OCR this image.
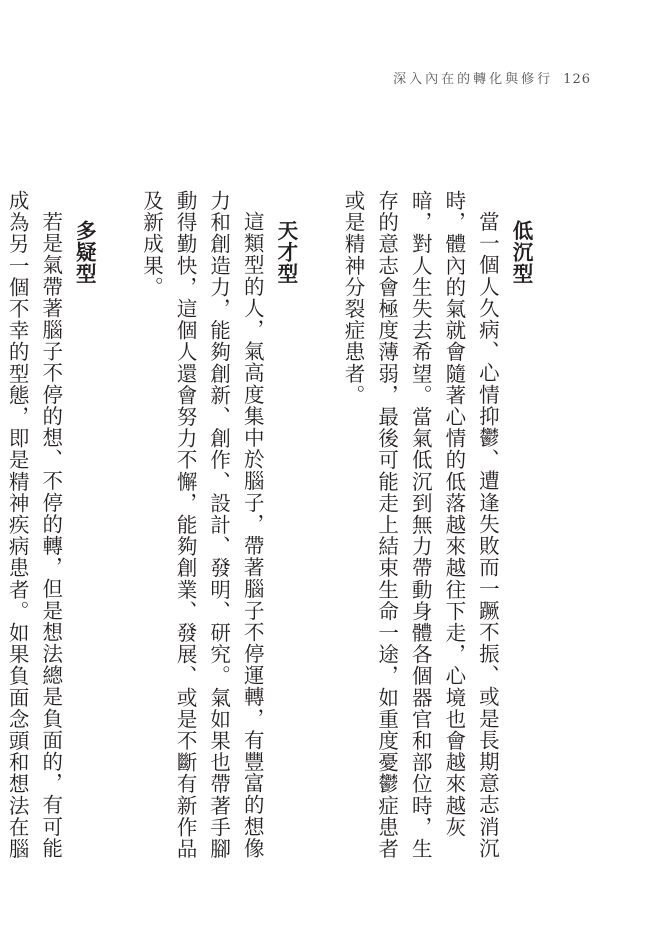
深入內在的轉化與修行 126

低沉型

當一個人久病、心情抑鬱、遭逢失敗而一蹶不振、或是長期意志消沉時，體內的氣就會隨著心情的低落越來越往下走，心境也會越來越灰暗，對人生失去希望。當氣低沉到無力帶動身體各個器官和部位時，生存的意志會極度薄弱，最後可能走上結束生命一途，如重度憂鬱症患者或是精神分裂症患者。

天才型

這類型的人，氣高度集中於腦子，帶著腦子不停運轉，有豐富的想像力和創造力，能夠創新、創作、設計、發明、研究。氣如果也帶著手腳動得勤快，這個人還會努力不懈，能夠創業、發展、或是不斷有新作品及新成果。

多疑型

若是氣帶著腦子不停的想、不停的轉，但是想法總是負面的，有可能成為另一個不幸的型態，即是精神疾病患者。如果負面念頭和想法在腦
